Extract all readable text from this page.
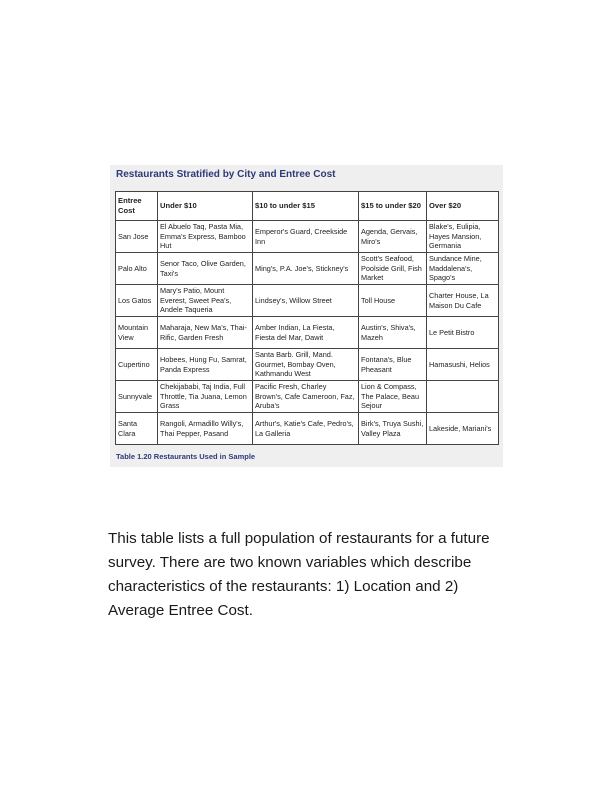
Restaurants Stratified by City and Entree Cost
Entree Cost	Under $10	$10 to under $15	$15 to under $20	Over $20
San Jose	El Abuelo Taq, Pasta Mia, Emma's Express, Bamboo Hut	Emperor's Guard, Creekside Inn	Agenda, Gervais, Miro's	Blake's, Eulipia, Hayes Mansion, Germania
Palo Alto	Senor Taco, Olive Garden, Taxi's	Ming's, P.A. Joe's, Stickney's	Scott's Seafood, Poolside Grill, Fish Market	Sundance Mine, Maddalena's, Spago's
Los Gatos	Mary's Patio, Mount Everest, Sweet Pea's, Andele Taqueria	Lindsey's, Willow Street	Toll House	Charter House, La Maison Du Cafe
Mountain View	Maharaja, New Ma's, Thai-Rific, Garden Fresh	Amber Indian, La Fiesta, Fiesta del Mar, Dawit	Austin's, Shiva's, Mazeh	Le Petit Bistro
Cupertino	Hobees, Hung Fu, Samrat, Panda Express	Santa Barb. Grill, Mand. Gourmet, Bombay Oven, Kathmandu West	Fontana's, Blue Pheasant	Hamasushi, Helios
Sunnyvale	Chekijababi, Taj India, Full Throttle, Tia Juana, Lemon Grass	Pacific Fresh, Charley Brown's, Cafe Cameroon, Faz, Aruba's	Lion & Compass, The Palace, Beau Sejour	
Santa Clara	Rangoli, Armadillo Willy's, Thai Pepper, Pasand	Arthur's, Katie's Cafe, Pedro's, La Galleria	Birk's, Truya Sushi, Valley Plaza	Lakeside, Mariani's
Table 1.20 Restaurants Used in Sample

This table lists a full population of restaurants for a future survey. There are two known variables which describe characteristics of the restaurants: 1) Location and 2) Average Entree Cost.
